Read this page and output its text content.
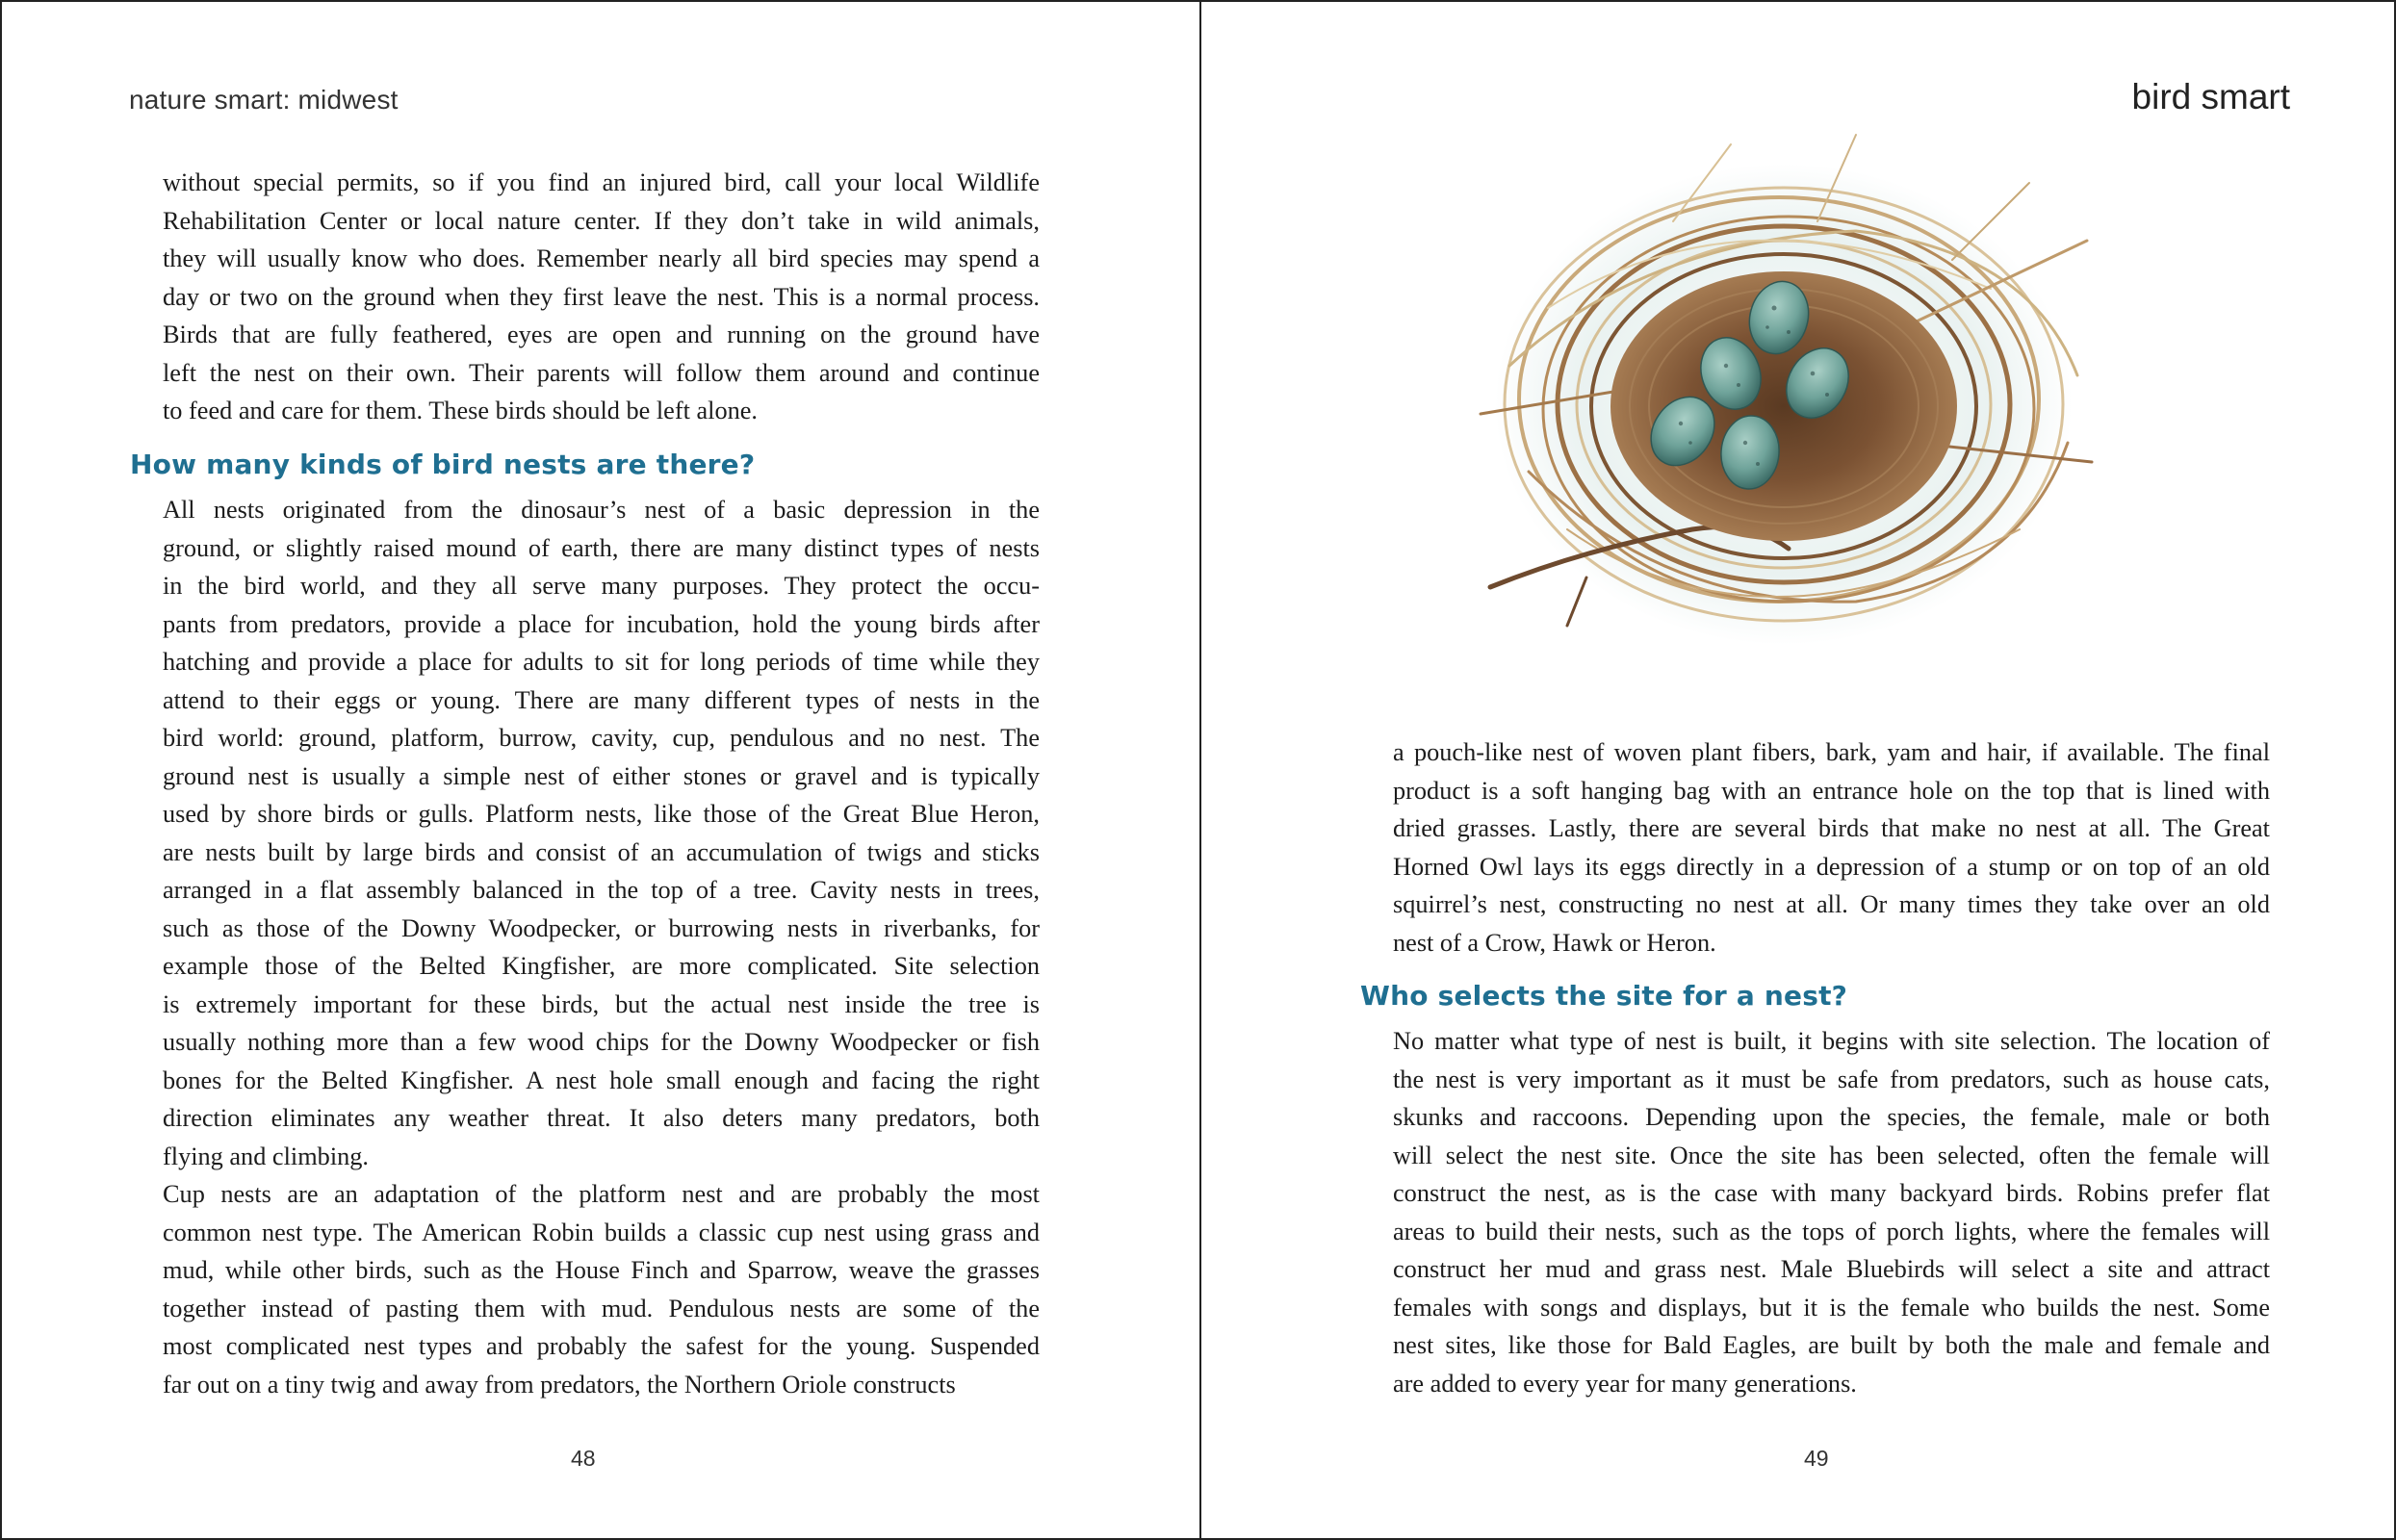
nature smart: midwest
without special permits, so if you find an injured bird, call your local Wildlife
Rehabilitation Center or local nature center. If they don’t take in wild animals,
they will usually know who does. Remember nearly all bird species may spend a
day or two on the ground when they first leave the nest. This is a normal process.
Birds that are fully feathered, eyes are open and running on the ground have
left the nest on their own. Their parents will follow them around and continue
to feed and care for them. These birds should be left alone.
How many kinds of bird nests are there?
All nests originated from the dinosaur’s nest of a basic depression in the
ground, or slightly raised mound of earth, there are many distinct types of nests
in the bird world, and they all serve many purposes. They protect the occu-
pants from predators, provide a place for incubation, hold the young birds after
hatching and provide a place for adults to sit for long periods of time while they
attend to their eggs or young. There are many different types of nests in the
bird world: ground, platform, burrow, cavity, cup, pendulous and no nest. The
ground nest is usually a simple nest of either stones or gravel and is typically
used by shore birds or gulls. Platform nests, like those of the Great Blue Heron,
are nests built by large birds and consist of an accumulation of twigs and sticks
arranged in a flat assembly balanced in the top of a tree. Cavity nests in trees,
such as those of the Downy Woodpecker, or burrowing nests in riverbanks, for
example those of the Belted Kingfisher, are more complicated. Site selection
is extremely important for these birds, but the actual nest inside the tree is
usually nothing more than a few wood chips for the Downy Woodpecker or fish
bones for the Belted Kingfisher. A nest hole small enough and facing the right
direction eliminates any weather threat. It also deters many predators, both
flying and climbing.
Cup nests are an adaptation of the platform nest and are probably the most
common nest type. The American Robin builds a classic cup nest using grass and
mud, while other birds, such as the House Finch and Sparrow, weave the grasses
together instead of pasting them with mud. Pendulous nests are some of the
most complicated nest types and probably the safest for the young. Suspended
far out on a tiny twig and away from predators, the Northern Oriole constructs
48
bird smart
a pouch-like nest of woven plant fibers, bark, yam and hair, if available. The final
product is a soft hanging bag with an entrance hole on the top that is lined with
dried grasses. Lastly, there are several birds that make no nest at all. The Great
Horned Owl lays its eggs directly in a depression of a stump or on top of an old
squirrel’s nest, constructing no nest at all. Or many times they take over an old
nest of a Crow, Hawk or Heron.
Who selects the site for a nest?
No matter what type of nest is built, it begins with site selection. The location of
the nest is very important as it must be safe from predators, such as house cats,
skunks and raccoons. Depending upon the species, the female, male or both
will select the nest site. Once the site has been selected, often the female will
construct the nest, as is the case with many backyard birds. Robins prefer flat
areas to build their nests, such as the tops of porch lights, where the females will
construct her mud and grass nest. Male Bluebirds will select a site and attract
females with songs and displays, but it is the female who builds the nest. Some
nest sites, like those for Bald Eagles, are built by both the male and female and
are added to every year for many generations.
49
